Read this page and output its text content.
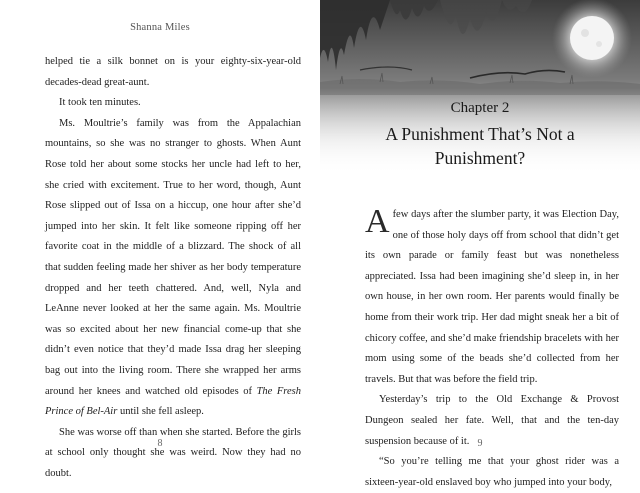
Shanna Miles

helped tie a silk bonnet on is your eighty-six-year-old decades-dead great-aunt.

It took ten minutes.

Ms. Moultrie’s family was from the Appalachian mountains, so she was no stranger to ghosts. When Aunt Rose told her about some stocks her uncle had left to her, she cried with excitement. True to her word, though, Aunt Rose slipped out of Issa on a hiccup, one hour after she’d jumped into her skin. It felt like someone ripping off her favorite coat in the middle of a blizzard. The shock of all that sudden feeling made her shiver as her body temperature dropped and her teeth chattered. And, well, Nyla and LeAnne never looked at her the same again. Ms. Moultrie was so excited about her new financial come-up that she didn’t even notice that they’d made Issa drag her sleeping bag out into the living room. There she wrapped her arms around her knees and watched old episodes of The Fresh Prince of Bel-Air until she fell asleep.

She was worse off than when she started. Before the girls at school only thought she was weird. Now they had no doubt.

8
Chapter 2
A Punishment That’s Not a Punishment?

Afew days after the slumber party, it was Election Day, one of those holy days off from school that didn’t get its own parade or family feast but was nonetheless appreciated. Issa had been imagining she’d sleep in, in her own house, in her own room. Her parents would finally be home from their work trip. Her dad might sneak her a bit of chicory coffee, and she’d make friendship bracelets with her mom using some of the beads she’d collected from her travels. But that was before the field trip.

Yesterday’s trip to the Old Exchange & Provost Dungeon sealed her fate. Well, that and the ten-day suspension because of it.

“So you’re telling me that your ghost rider was a sixteen-year-old enslaved boy who jumped into your body,

9
